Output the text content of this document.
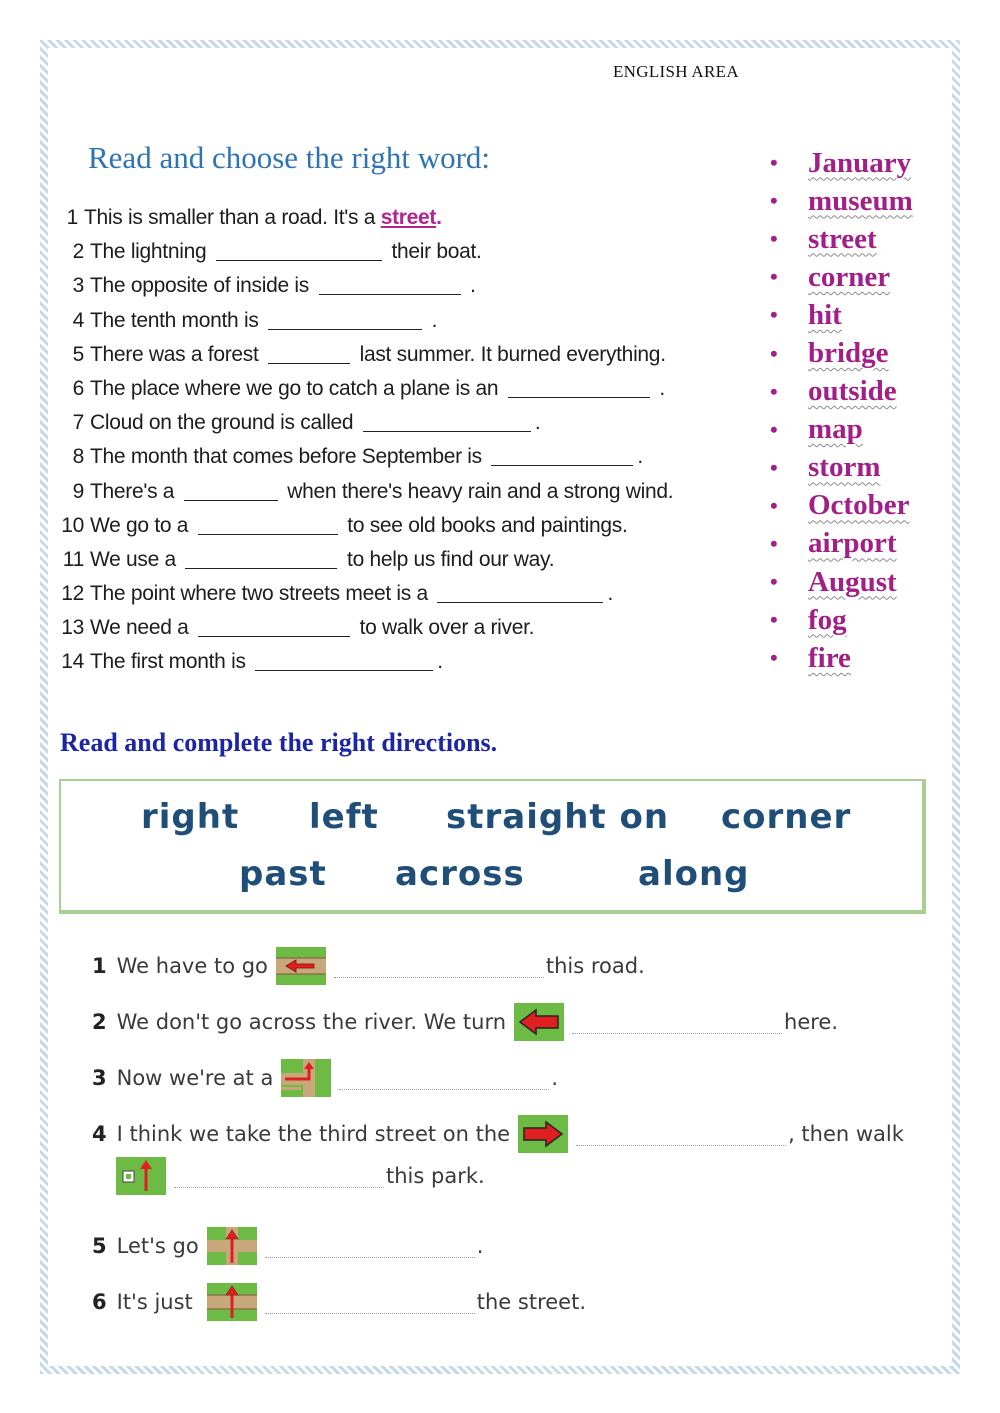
ENGLISH AREA
Read and choose the right word:
1 This is smaller than a road. It's a street.
2 The lightning	their boat.
3 The opposite of inside is	.
4 The tenth month is	.
5 There was a forest	last summer. It burned everything.
6 The place where we go to catch a plane is an	.
7 Cloud on the ground is called	.
8 The month that comes before September is	.
9 There's a	when there's heavy rain and a strong wind.
10 We go to a	to see old books and paintings.
11 We use a	to help us find our way.
12 The point where two streets meet is a	.
13 We need a	to walk over a river.
14 The first month is	.
• January
• museum
• street
• corner
• hit
• bridge
• outside
• map
• storm
• October
• airport
• August
• fog
• fire
Read and complete the right directions.
right left straight on corner
past across	along
1 We have to go	this road.
2 We don't go across the river. We turn	here.
3 Now we're at a	.
4 I think we take the third street on the	, then walk
this park.
5 Let's go	.
6 It's just	the street.
